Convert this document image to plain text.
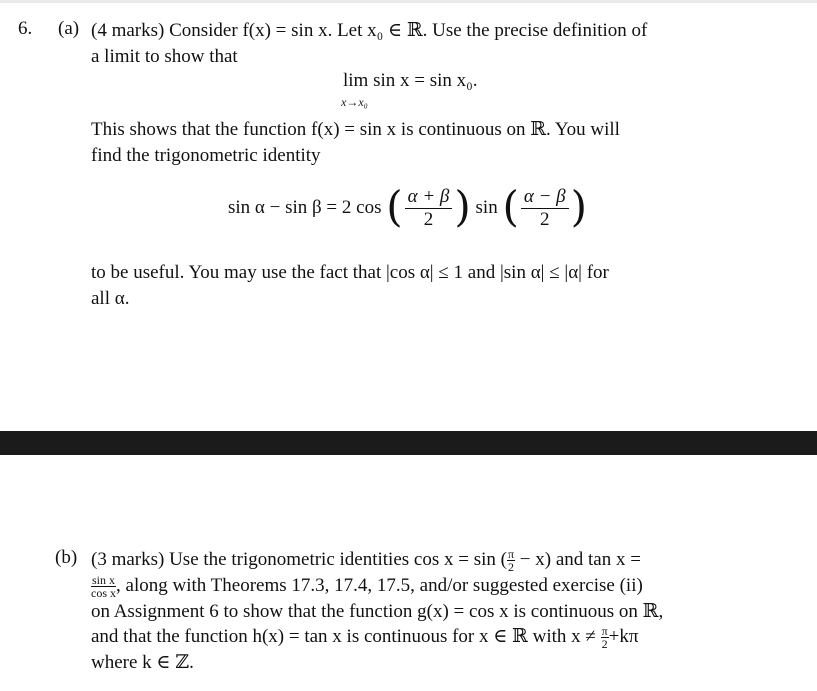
6. (a) (4 marks) Consider f(x) = sin x. Let x₀ ∈ ℝ. Use the precise definition of
a limit to show that
lim sin x = sin x₀.
x→x₀
This shows that the function f(x) = sin x is continuous on ℝ. You will
find the trigonometric identity
sin α − sin β = 2 cos ( $\frac{\alpha + \beta}{2}$ ) sin ( $\frac{\alpha - \beta}{2}$ )
to be useful. You may use the fact that |cos α| ≤ 1 and |sin α| ≤ |α| for
all α.
(b) (3 marks) Use the trigonometric identities cos x = sin ( $\frac{\pi}{2} - x$) and tan x =
$\frac{\text{sin x}}{\text{cos x}}$ , along with Theorems 17.3, 17.4, 17.5, and/or suggested exercise (ii)
on Assignment 6 to show that the function g(x) = cos x is continuous on ℝ,
and that the function h(x) = tan x is continuous for x ∈ ℝ with $x \ne \frac{\pi}{2} +k\pi$
where k ∈ ℤ.
